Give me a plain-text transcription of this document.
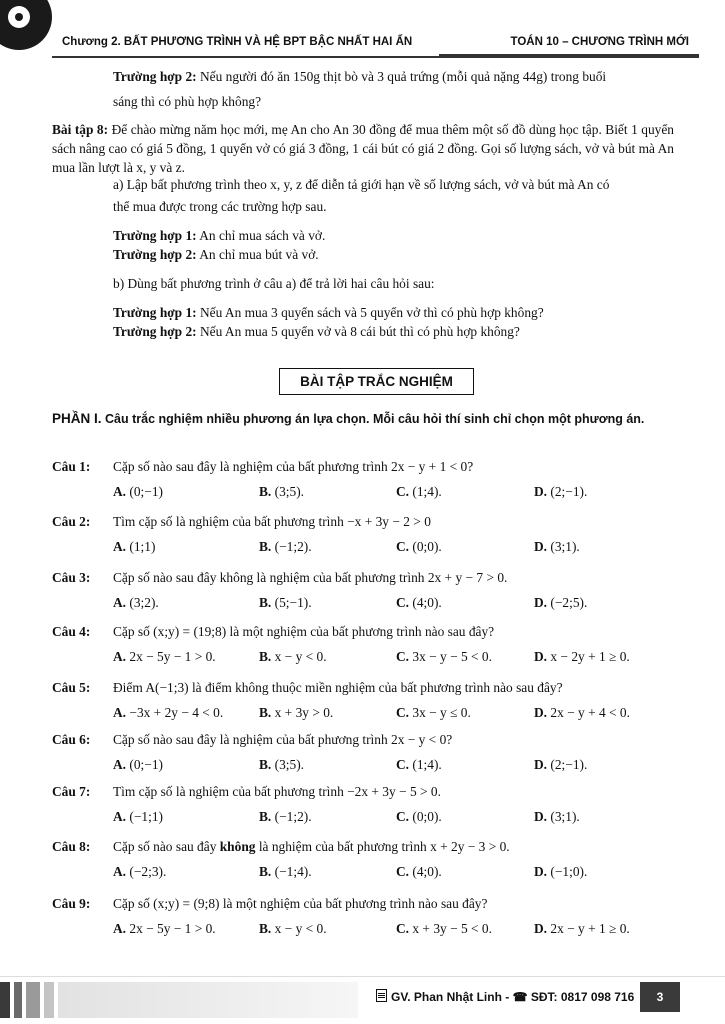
Chương 2. BẤT PHƯƠNG TRÌNH VÀ HỆ BPT BẬC NHẤT HAI ẨN	TOÁN 10 – CHƯƠNG TRÌNH MỚI
Trường hợp 2: Nếu người đó ăn 150g thịt bò và 3 quả trứng (mỗi quả nặng 44g) trong buổi
sáng thì có phù hợp không?
Bài tập 8: Để chào mừng năm học mới, mẹ An cho An 30 đồng để mua thêm một số đồ dùng học tập. Biết 1 quyển sách nâng cao có giá 5 đồng, 1 quyển vở có giá 3 đồng, 1 cái bút có giá 2 đồng. Gọi số lượng sách, vở và bút mà An mua lần lượt là x, y và z.
a) Lập bất phương trình theo x, y, z để diễn tả giới hạn về số lượng sách, vở và bút mà An có
thể mua được trong các trường hợp sau.
Trường hợp 1: An chỉ mua sách và vở.
Trường hợp 2: An chỉ mua bút và vở.
b) Dùng bất phương trình ở câu a) để trả lời hai câu hỏi sau:
Trường hợp 1: Nếu An mua 3 quyển sách và 5 quyển vở thì có phù hợp không?
Trường hợp 2: Nếu An mua 5 quyển vở và 8 cái bút thì có phù hợp không?
BÀI TẬP TRẮC NGHIỆM
PHẦN I. Câu trắc nghiệm nhiều phương án lựa chọn. Mỗi câu hỏi thí sinh chỉ chọn một phương án.
Câu 1: Cặp số nào sau đây là nghiệm của bất phương trình 2x − y + 1 < 0?
A. (0;−1)	B. (3;5).	C. (1;4).	D. (2;−1).
Câu 2: Tìm cặp số là nghiệm của bất phương trình −x + 3y − 2 > 0
A. (1;1)	B. (−1;2).	C. (0;0).	D. (3;1).
Câu 3: Cặp số nào sau đây không là nghiệm của bất phương trình 2x + y − 7 > 0.
A. (3;2).	B. (5;−1).	C. (4;0).	D. (−2;5).
Câu 4: Cặp số (x;y) = (19;8) là một nghiệm của bất phương trình nào sau đây?
A. 2x − 5y − 1 > 0.	B. x − y < 0.	C. 3x − y − 5 < 0.	D. x − 2y + 1 ≥ 0.
Câu 5: Điểm A(−1;3) là điểm không thuộc miền nghiệm của bất phương trình nào sau đây?
A. −3x + 2y − 4 < 0.	B. x + 3y > 0.	C. 3x − y ≤ 0.	D. 2x − y + 4 < 0.
Câu 6: Cặp số nào sau đây là nghiệm của bất phương trình 2x − y < 0?
A. (0;−1)	B. (3;5).	C. (1;4).	D. (2;−1).
Câu 7: Tìm cặp số là nghiệm của bất phương trình −2x + 3y − 5 > 0.
A. (−1;1)	B. (−1;2).	C. (0;0).	D. (3;1).
Câu 8: Cặp số nào sau đây không là nghiệm của bất phương trình x + 2y − 3 > 0.
A. (−2;3).	B. (−1;4).	C. (4;0).	D. (−1;0).
Câu 9: Cặp số (x;y) = (9;8) là một nghiệm của bất phương trình nào sau đây?
A. 2x − 5y − 1 > 0.	B. x − y < 0.	C. x + 3y − 5 < 0.	D. 2x − y + 1 ≥ 0.
GV. Phan Nhật Linh - ☎ SĐT: 0817 098 716	3
